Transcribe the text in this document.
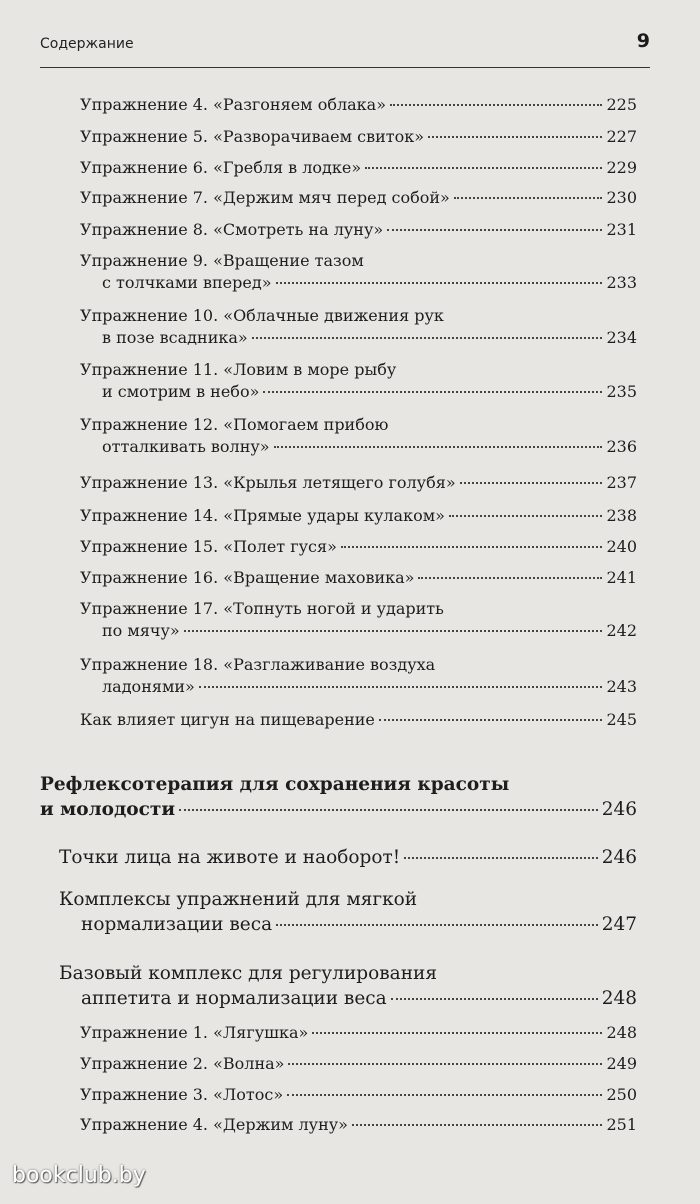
Содержание	9
Упражнение 4. «Разгоняем облака»	225
Упражнение 5. «Разворачиваем свиток»	227
Упражнение 6. «Гребля в лодке»	229
Упражнение 7. «Держим мяч перед собой»	230
Упражнение 8. «Смотреть на луну»	231
Упражнение 9. «Вращение тазом
с толчками вперед»	233
Упражнение 10. «Облачные движения рук
в позе всадника»	234
Упражнение 11. «Ловим в море рыбу
и смотрим в небо»	235
Упражнение 12. «Помогаем прибою
отталкивать волну»	236
Упражнение 13. «Крылья летящего голубя»	237
Упражнение 14. «Прямые удары кулаком»	238
Упражнение 15. «Полет гуся»	240
Упражнение 16. «Вращение маховика»	241
Упражнение 17. «Топнуть ногой и ударить
по мячу»	242
Упражнение 18. «Разглаживание воздуха
ладонями»	243
Как влияет цигун на пищеварение	245
Рефлексотерапия для сохранения красоты
и молодости	246
Точки лица на животе и наоборот!	246
Комплексы упражнений для мягкой
нормализации веса	247
Базовый комплекс для регулирования
аппетита и нормализации веса	248
Упражнение 1. «Лягушка»	248
Упражнение 2. «Волна»	249
Упражнение 3. «Лотос»	250
Упражнение 4. «Держим луну»	251
bookclub.by
